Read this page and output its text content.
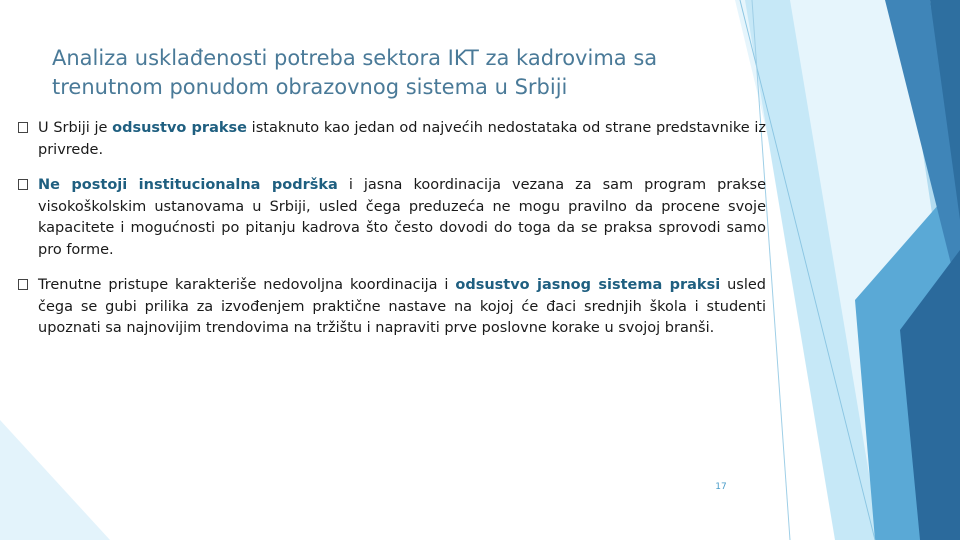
Analiza usklađenosti potreba sektora IKT za kadrovima sa trenutnom ponudom obrazovnog sistema u Srbiji
U Srbiji je odsustvo prakse istaknuto kao jedan od najvećih nedostataka od strane predstavnike iz privrede.
Ne postoji institucionalna podrška i jasna koordinacija vezana za sam program prakse visokoškolskim ustanovama u Srbiji, usled čega preduzeća ne mogu pravilno da procene svoje kapacitete i mogućnosti po pitanju kadrova što često dovodi do toga da se praksa sprovodi samo pro forme.
Trenutne pristupe karakteriše nedovoljna koordinacija i odsustvo jasnog sistema praksi usled čega se gubi prilika za izvođenjem praktične nastave na kojoj će đaci srednjih škola i studenti upoznati sa najnovijim trendovima na tržištu i napraviti prve poslovne korake u svojoj branši.
17
